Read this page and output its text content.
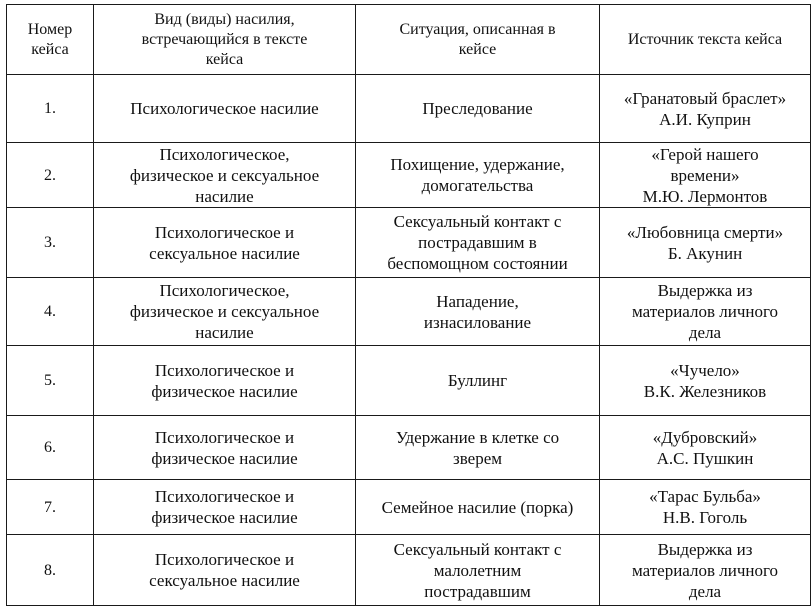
Номер
кейса	Вид (виды) насилия,
встречающийся в тексте
кейса	Ситуация, описанная в
кейсе	Источник текста кейса

1.	Психологическое насилие	Преследование	«Гранатовый браслет»
А.И. Куприн

2.	Психологическое,
физическое и сексуальное
насилие	Похищение, удержание,
домогательства	«Герой нашего
времени»
М.Ю. Лермонтов

3.	Психологическое и
сексуальное насилие	Сексуальный контакт с
пострадавшим в
беспомощном состоянии	«Любовница смерти»
Б. Акунин

4.	Психологическое,
физическое и сексуальное
насилие	Нападение,
изнасилование	Выдержка из
материалов личного
дела

5.	Психологическое и
физическое насилие	Буллинг	«Чучело»
В.К. Железников

6.	Психологическое и
физическое насилие	Удержание в клетке со
зверем	«Дубровский»
А.С. Пушкин

7.	Психологическое и
физическое насилие	Семейное насилие (порка)	«Тарас Бульба»
Н.В. Гоголь

8.	Психологическое и
сексуальное насилие	Сексуальный контакт с
малолетним
пострадавшим	Выдержка из
материалов личного
дела
